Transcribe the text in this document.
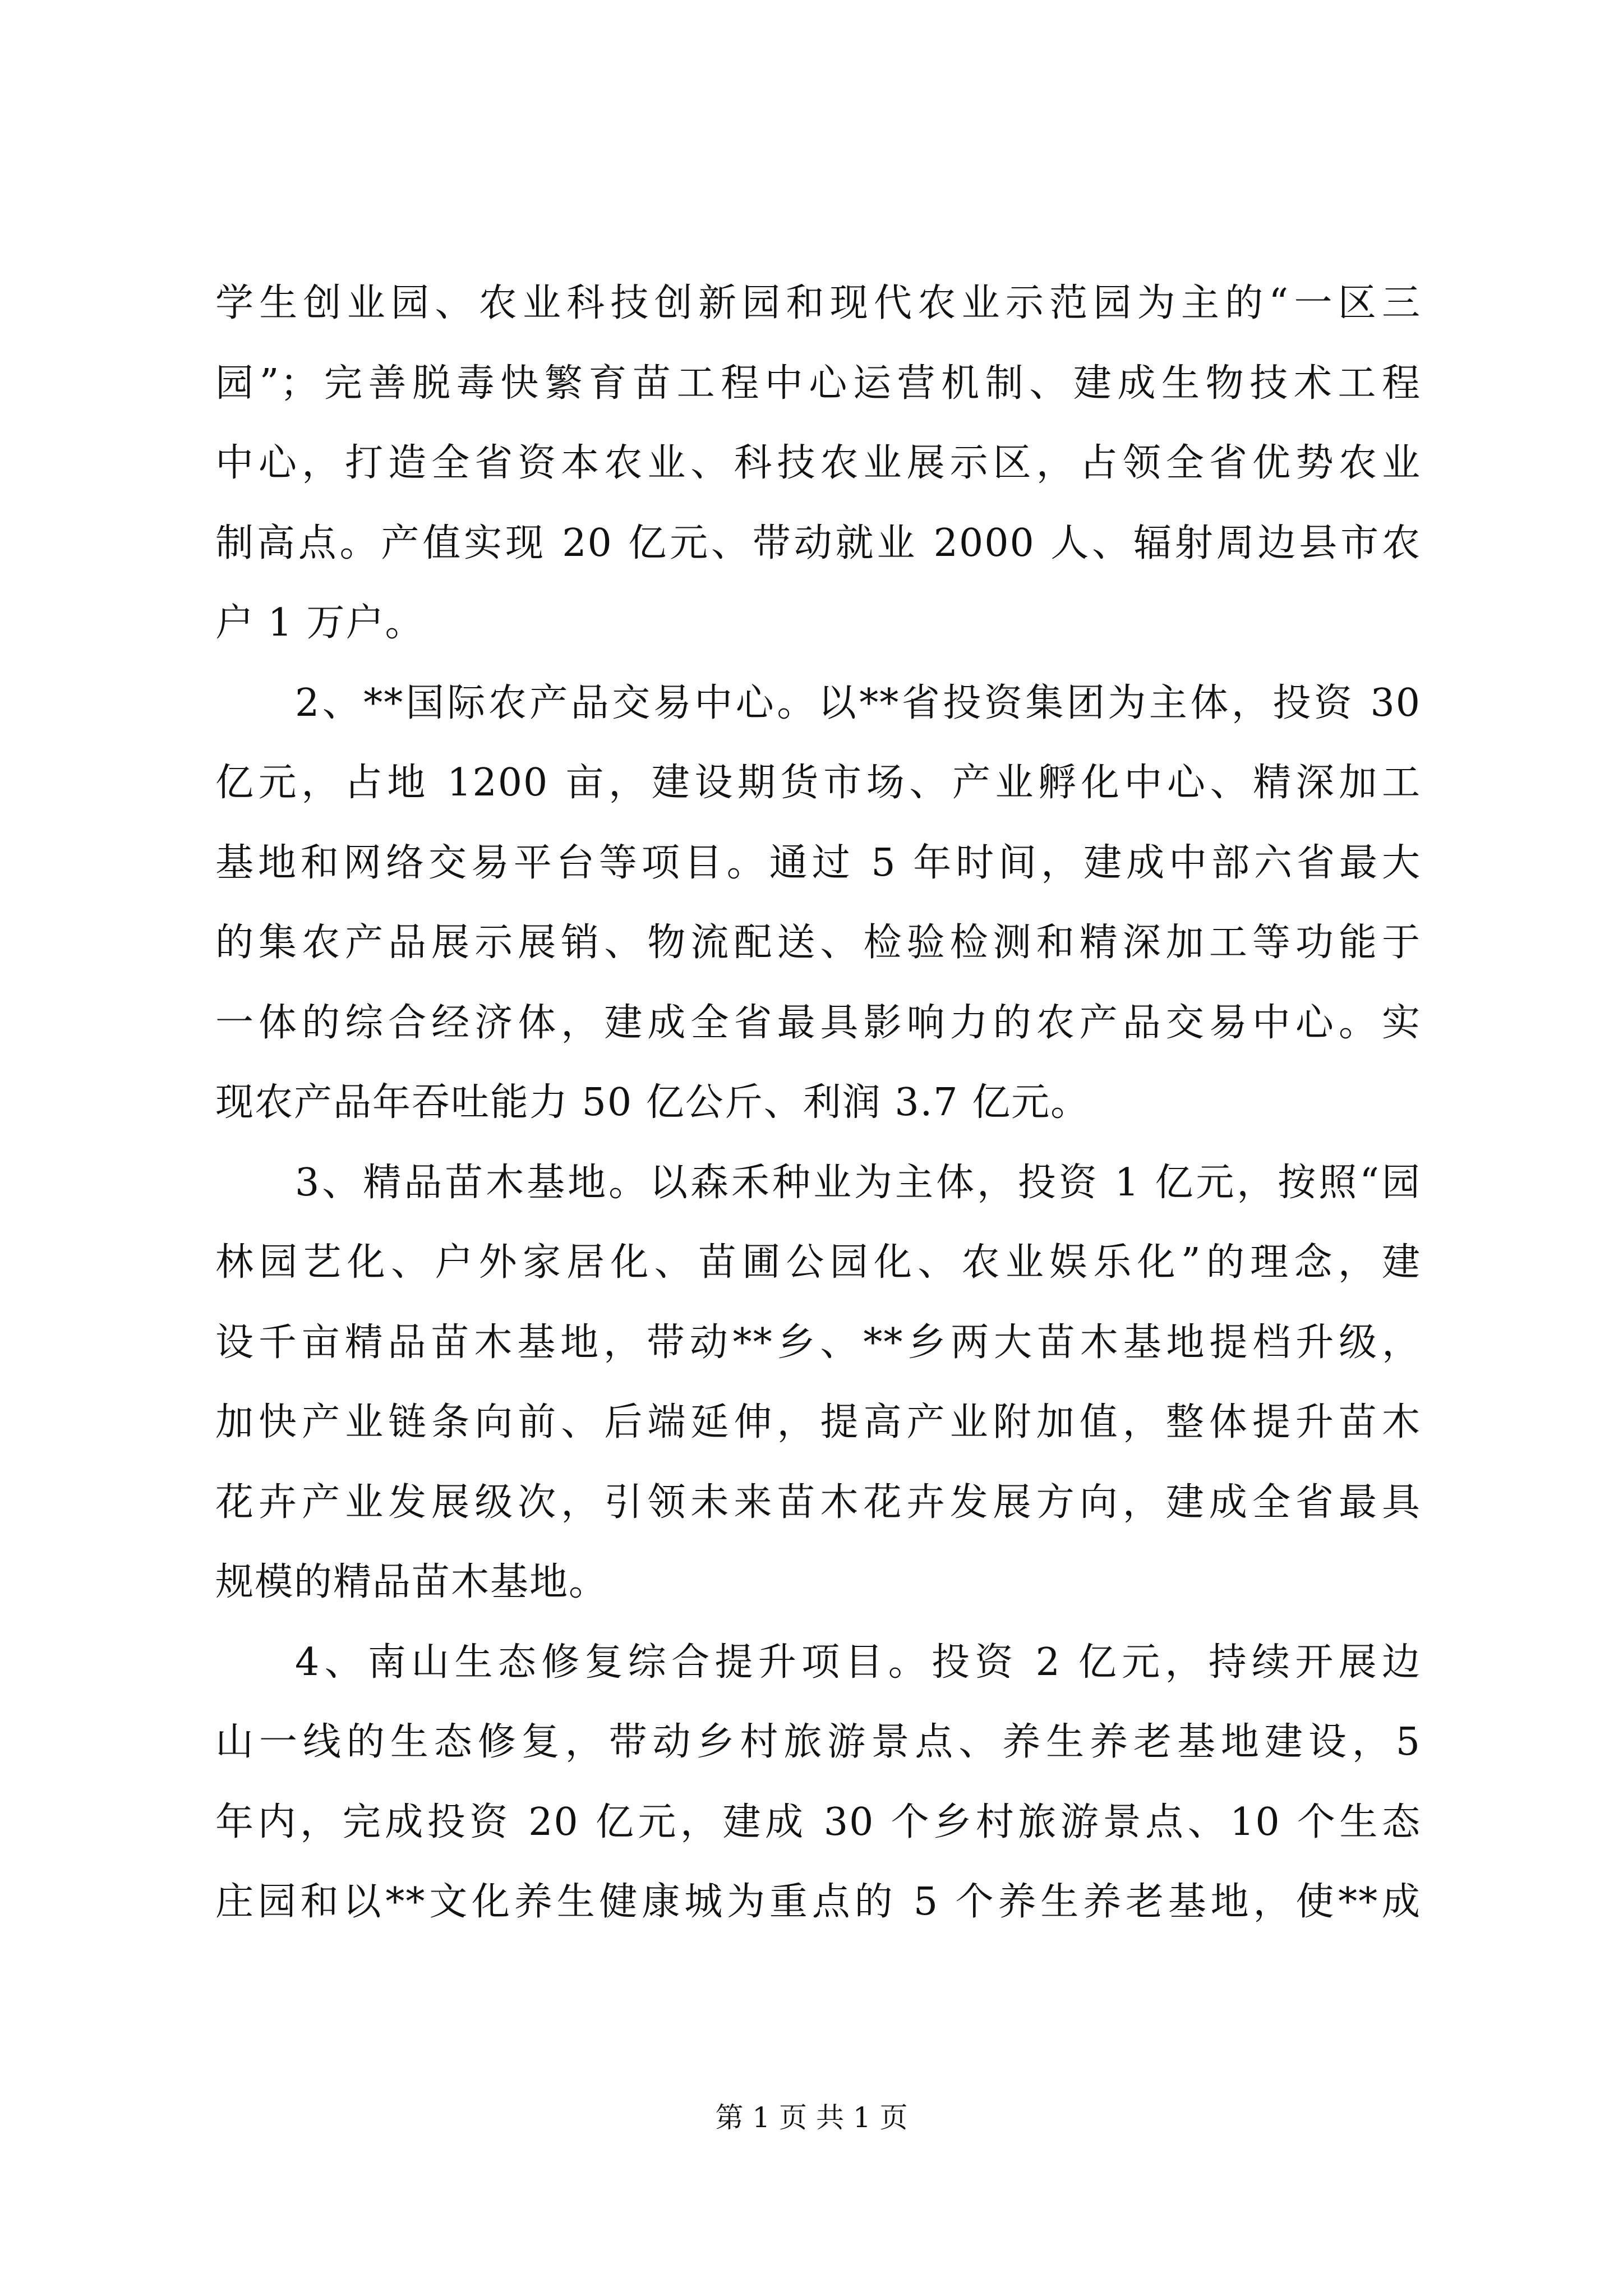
学生创业园、农业科技创新园和现代农业示范园为主的“一区三
园”；完善脱毒快繁育苗工程中心运营机制、建成生物技术工程
中心，打造全省资本农业、科技农业展示区，占领全省优势农业
制高点。产值实现 20 亿元、带动就业 2000 人、辐射周边县市农
户 1 万户。
2、**国际农产品交易中心。以**省投资集团为主体，投资 30
亿元，占地 1200 亩，建设期货市场、产业孵化中心、精深加工
基地和网络交易平台等项目。通过 5 年时间，建成中部六省最大
的集农产品展示展销、物流配送、检验检测和精深加工等功能于
一体的综合经济体，建成全省最具影响力的农产品交易中心。实
现农产品年吞吐能力 50 亿公斤、利润 3.7 亿元。
3、精品苗木基地。以森禾种业为主体，投资 1 亿元，按照“园
林园艺化、户外家居化、苗圃公园化、农业娱乐化”的理念，建
设千亩精品苗木基地，带动**乡、**乡两大苗木基地提档升级，
加快产业链条向前、后端延伸，提高产业附加值，整体提升苗木
花卉产业发展级次，引领未来苗木花卉发展方向，建成全省最具
规模的精品苗木基地。
4、南山生态修复综合提升项目。投资 2 亿元，持续开展边
山一线的生态修复，带动乡村旅游景点、养生养老基地建设，5
年内，完成投资 20 亿元，建成 30 个乡村旅游景点、10 个生态
庄园和以**文化养生健康城为重点的 5 个养生养老基地，使**成
第 1 页 共 1 页
